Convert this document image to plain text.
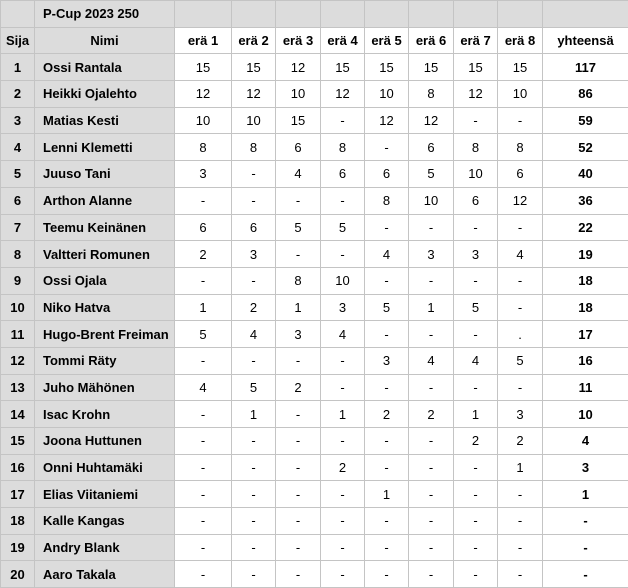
	P-Cup 2023 250									
Sija	Nimi	erä 1	erä 2	erä 3	erä 4	erä 5	erä 6	erä 7	erä 8	yhteensä
1	Ossi Rantala	15	15	12	15	15	15	15	15	117
2	Heikki Ojalehto	12	12	10	12	10	8	12	10	86
3	Matias Kesti	10	10	15	-	12	12	-	-	59
4	Lenni Klemetti	8	8	6	8	-	6	8	8	52
5	Juuso Tani	3	-	4	6	6	5	10	6	40
6	Arthon Alanne	-	-	-	-	8	10	6	12	36
7	Teemu Keinänen	6	6	5	5	-	-	-	-	22
8	Valtteri Romunen	2	3	-	-	4	3	3	4	19
9	Ossi Ojala	-	-	8	10	-	-	-	-	18
10	Niko Hatva	1	2	1	3	5	1	5	-	18
11	Hugo-Brent Freiman	5	4	3	4	-	-	-	.	17
12	Tommi Räty	-	-	-	-	3	4	4	5	16
13	Juho Mähönen	4	5	2	-	-	-	-	-	11
14	Isac Krohn	-	1	-	1	2	2	1	3	10
15	Joona Huttunen	-	-	-	-	-	-	2	2	4
16	Onni Huhtamäki	-	-	-	2	-	-	-	1	3
17	Elias Viitaniemi	-	-	-	-	1	-	-	-	1
18	Kalle Kangas	-	-	-	-	-	-	-	-	-
19	Andry Blank	-	-	-	-	-	-	-	-	-
20	Aaro Takala	-	-	-	-	-	-	-	-	-
